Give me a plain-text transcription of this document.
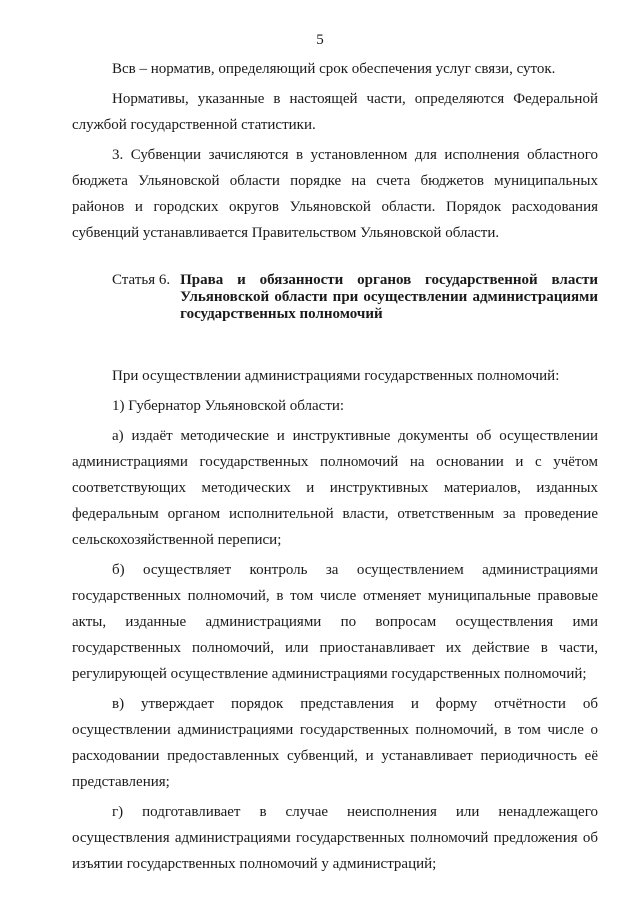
5

Всв – норматив, определяющий срок обеспечения услуг связи, суток.

Нормативы, указанные в настоящей части, определяются Федеральной службой государственной статистики.

3. Субвенции зачисляются в установленном для исполнения областного бюджета Ульяновской области порядке на счета бюджетов муниципальных районов и городских округов Ульяновской области. Порядок расходования субвенций устанавливается Правительством Ульяновской области.

Статья 6. Права и обязанности органов государственной власти Ульяновской области при осуществлении администрациями государственных полномочий

При осуществлении администрациями государственных полномочий:

1) Губернатор Ульяновской области:

а) издаёт методические и инструктивные документы об осуществлении администрациями государственных полномочий на основании и с учётом соответствующих методических и инструктивных материалов, изданных федеральным органом исполнительной власти, ответственным за проведение сельскохозяйственной переписи;

б) осуществляет контроль за осуществлением администрациями государственных полномочий, в том числе отменяет муниципальные правовые акты, изданные администрациями по вопросам осуществления ими государственных полномочий, или приостанавливает их действие в части, регулирующей осуществление администрациями государственных полномочий;

в) утверждает порядок представления и форму отчётности об осуществлении администрациями государственных полномочий, в том числе о расходовании предоставленных субвенций, и устанавливает периодичность её представления;

г) подготавливает в случае неисполнения или ненадлежащего осуществления администрациями государственных полномочий предложения об изъятии государственных полномочий у администраций;
